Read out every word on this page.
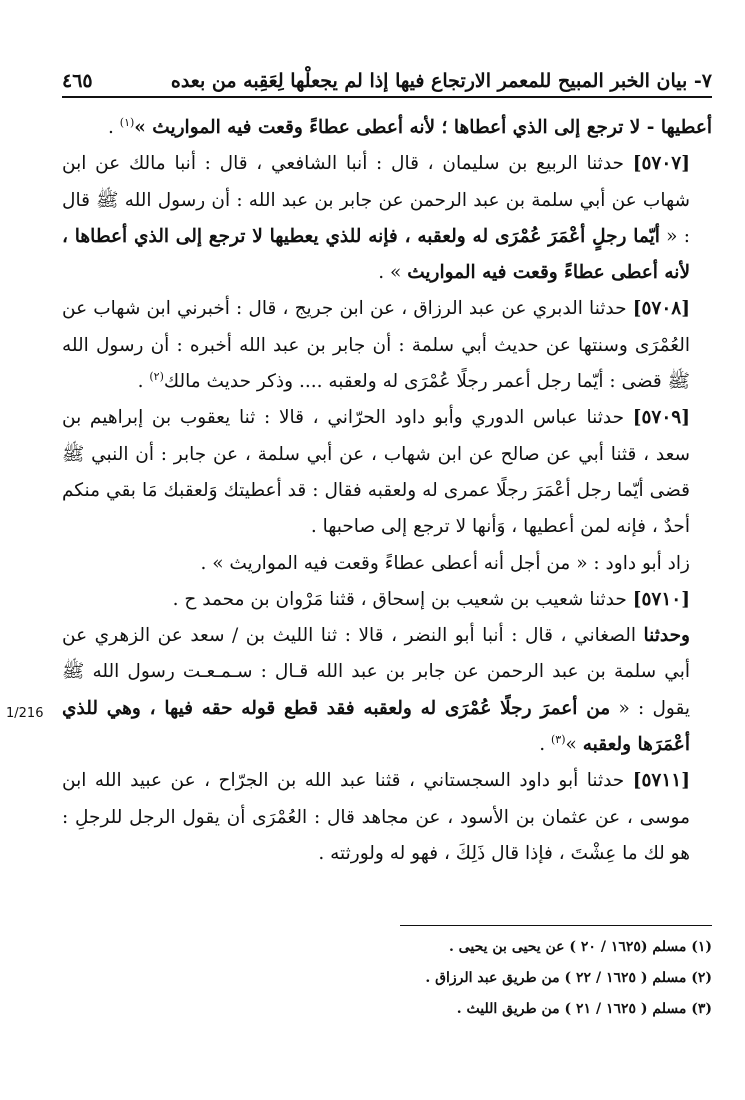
٧- بيان الخبر المبيح للمعمر الارتجاع فيها إذا لم يجعلْها لِعَقِبه من بعده
٤٦٥
1/216

أعطيها - لا ترجع إلى الذي أعطاها ؛ لأنه أعطى عطاءً وقعت فيه المواريث »$^{(١)}$ .

[٥٧٠٧] حدثنا الربيع بن سليمان ، قال : أنبا الشافعي ، قال : أنبا مالك عن ابن شهاب عن أبي سلمة بن عبد الرحمن عن جابر بن عبد الله : أن رسول الله ﷺ قال : « أيّما رجلٍ أعْمَرَ عُمْرَى له ولعقبه ، فإنه للذي يعطيها لا ترجع إلى الذي أعطاها ، لأنه أعطى عطاءً وقعت فيه المواريث » .

[٥٧٠٨] حدثنا الدبري عن عبد الرزاق ، عن ابن جريج ، قال : أخبرني ابن شهاب عن العُمْرَى وسنتها عن حديث أبي سلمة : أن جابر بن عبد الله أخبره : أن رسول الله ﷺ قضى : أيّما رجل أعمر رجلًا عُمْرَى له ولعقبه .... وذكر حديث مالك$^{(٢)}$ .

[٥٧٠٩] حدثنا عباس الدوري وأبو داود الحرّاني ، قالا : ثنا يعقوب بن إبراهيم بن سعد ، قثنا أبي عن صالح عن ابن شهاب ، عن أبي سلمة ، عن جابر : أن النبي ﷺ قضى أيّما رجل أعْمَرَ رجلًا عمرى له ولعقبه فقال : قد أعطيتك وَلعقبك مَا بقي منكم أحدٌ ، فإنه لمن أعطيها ، وَأنها لا ترجع إلى صاحبها .

زاد أبو داود : « من أجل أنه أعطى عطاءً وقعت فيه المواريث » .

[٥٧١٠] حدثنا شعيب بن شعيب بن إسحاق ، قثنا مَرْوان بن محمد ح .

وحدثنا الصغاني ، قال : أنبا أبو النضر ، قالا : ثنا الليث بن / سعد عن الزهري عن أبي سلمة بن عبد الرحمن عن جابر بن عبد الله قـال : سـمـعـت رسول الله ﷺ يقول : « من أعمرَ رجلًا عُمْرَى له ولعقبه فقد قطع قوله حقه فيها ، وهي للذي أعْمَرَها ولعقبه »$^{(٣)}$ .

[٥٧١١] حدثنا أبو داود السجستاني ، قثنا عبد الله بن الجرّاح ، عن عبيد الله ابن موسى ، عن عثمان بن الأسود ، عن مجاهد قال : العُمْرَى أن يقول الرجل للرجلِ : هو لك ما عِشْتَ ، فإذا قال ذَلِكَ ، فهو له ولورثته .

(١) مسلم (١٦٢٥ / ٢٠ ) عن يحيى بن يحيى .

(٢) مسلم ( ١٦٢٥ / ٢٢ ) من طريق عبد الرزاق .

(٣) مسلم ( ١٦٢٥ / ٢١ ) من طريق الليث .
